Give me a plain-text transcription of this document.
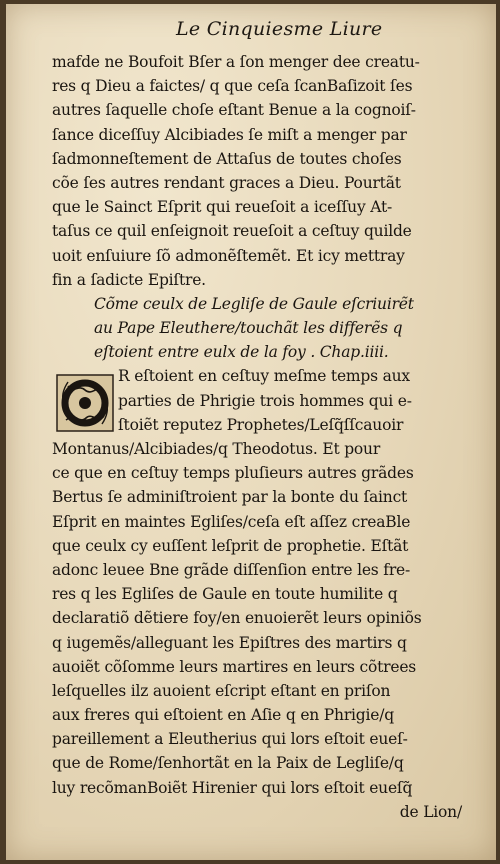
Le Cinquiesme Liure
mafde ne Boufoit Bſer a ſon menger dee creatu-
res q Dieu a faictes/ q que ceſa ſcanBaſizoit ſes
autres ſaquelle choſe eſtant Benue a la cognoiſ-
ſance diceſſuy Alcibiades ſe miſt a menger par
ſadmonneſtement de Attaſus de toutes choſes
cõe ſes autres rendant graces a Dieu. Pourtãt
que le Sainct Eſprit qui reueſoit a iceſſuy At-
taſus ce quil enſeignoit reueſoit a ceſtuy quilde
uoit enſuiure ſõ admonẽſtemẽt. Et icy mettray
fin a ſadicte Epiſtre.
Cõme ceulx de Legliſe de Gaule eſcriuirẽt
au Pape Eleuthere/touchãt les differẽs q
eſtoient entre eulx de la foy . Chap.iiii.
R eſtoient en ceſtuy meſme temps aux
parties de Phrigie trois hommes qui e-
ſtoiẽt reputez Prophetes/Leſq̃ſſcauoir
Montanus/Alcibiades/q Theodotus. Et pour
ce que en ceſtuy temps pluſieurs autres grãdes
Bertus ſe adminiſtroient par la bonte du ſainct
Eſprit en maintes Egliſes/ceſa eſt aſſez creaBle
que ceulx cy euſſent leſprit de prophetie. Eſtãt
adonc leuee Bne grãde diſſenſion entre les fre-
res q les Egliſes de Gaule en toute humilite q
declaratiõ dẽtiere foy/en enuoierẽt leurs opiniõs
q iugemẽs/alleguant les Epiſtres des martirs q
auoiẽt cõſomme leurs martires en leurs cõtrees
leſquelles ilz auoient eſcript eſtant en priſon
aux freres qui eſtoient en Aſie q en Phrigie/q
pareillement a Eleutherius qui lors eſtoit eueſ-
que de Rome/ſenhortãt en la Paix de Legliſe/q
luy recõmanBoiẽt Hirenier qui lors eſtoit eueſq̃
de Lion/
